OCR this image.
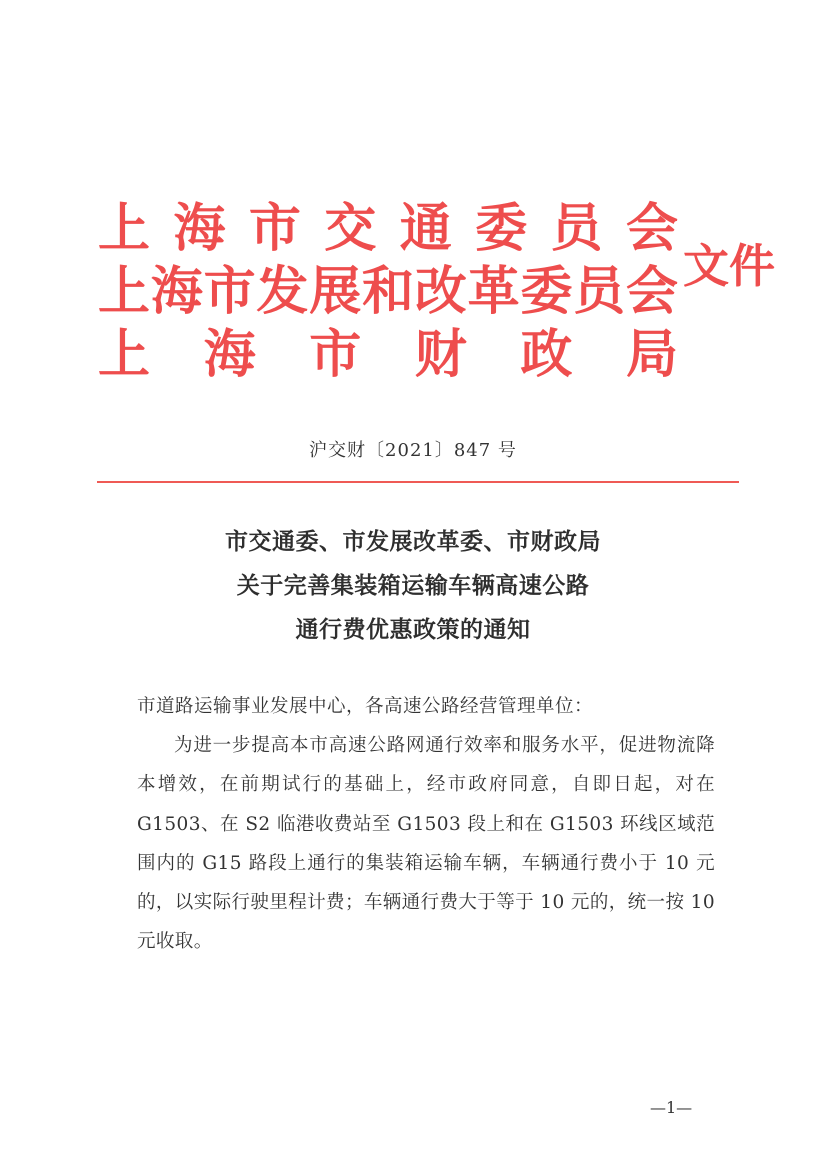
上 海 市 交 通 委 员 会
上 海 市 发 展 和 改 革 委 员 会
上 海 市 财 政 局
文件
沪交财〔2021〕847 号
市交通委、市发展改革委、市财政局
关于完善集装箱运输车辆高速公路
通行费优惠政策的通知
市道路运输事业发展中心，各高速公路经营管理单位：
为进一步提高本市高速公路网通行效率和服务水平，促进物流降本增效，在前期试行的基础上，经市政府同意，自即日起，对在 G1503、在 S2 临港收费站至 G1503 段上和在 G1503 环线区域范围内的 G15 路段上通行的集装箱运输车辆，车辆通行费小于 10 元的，以实际行驶里程计费；车辆通行费大于等于 10 元的，统一按 10 元收取。
—1—
